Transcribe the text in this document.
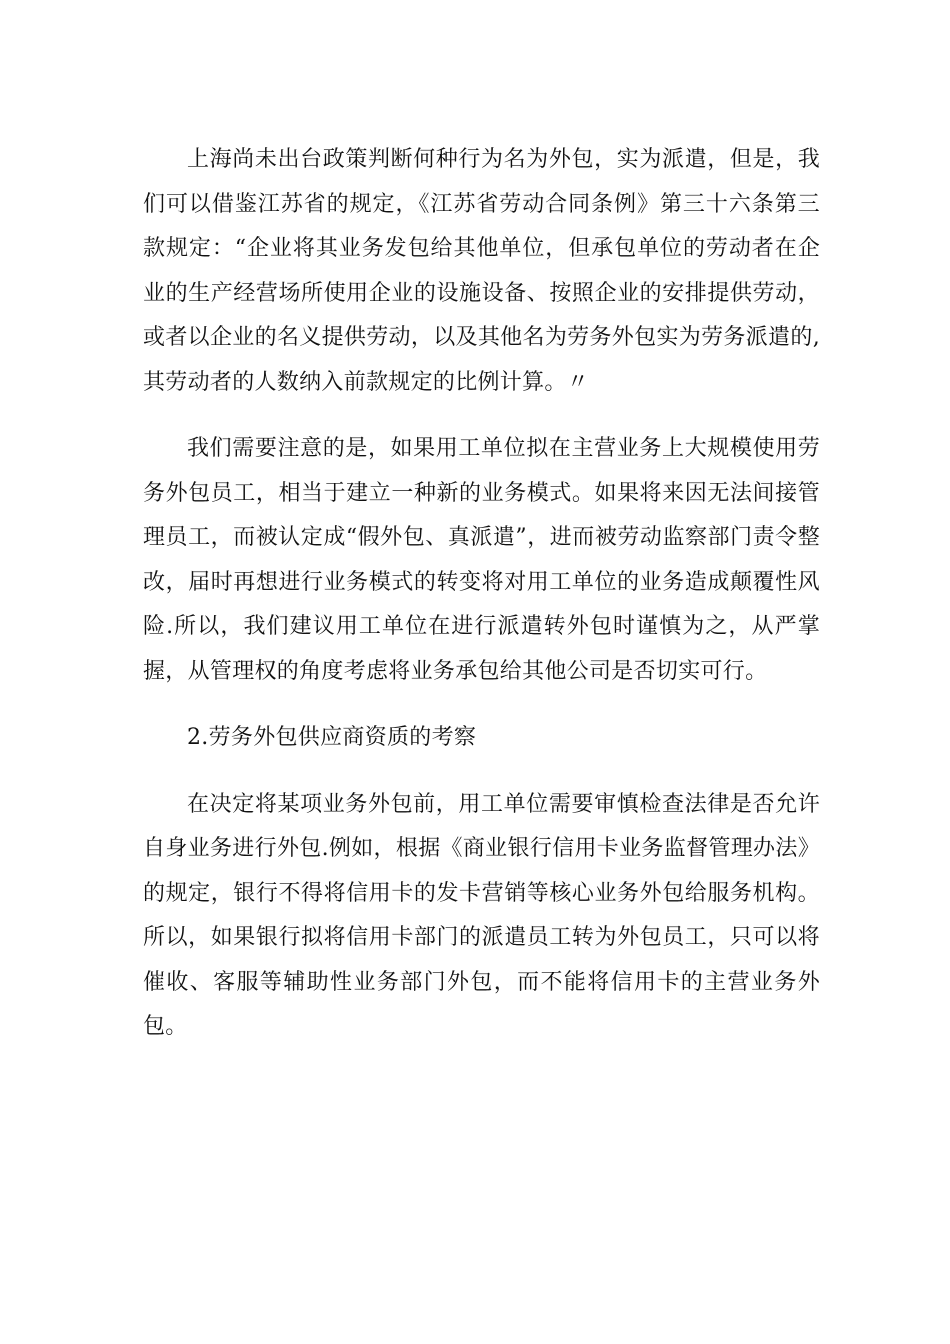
上海尚未出台政策判断何种行为名为外包，实为派遣，但是，我们可以借鉴江苏省的规定，《江苏省劳动合同条例》第三十六条第三款规定：“企业将其业务发包给其他单位，但承包单位的劳动者在企业的生产经营场所使用企业的设施设备、按照企业的安排提供劳动，或者以企业的名义提供劳动，以及其他名为劳务外包实为劳务派遣的, 其劳动者的人数纳入前款规定的比例计算。〃

我们需要注意的是，如果用工单位拟在主营业务上大规模使用劳务外包员工，相当于建立一种新的业务模式。如果将来因无法间接管理员工，而被认定成“假外包、真派遣”，进而被劳动监察部门责令整改，届时再想进行业务模式的转变将对用工单位的业务造成颠覆性风险.所以，我们建议用工单位在进行派遣转外包时谨慎为之，从严掌 握，从管理权的角度考虑将业务承包给其他公司是否切实可行。

2.劳务外包供应商资质的考察

在决定将某项业务外包前，用工单位需要审慎检查法律是否允许自身业务进行外包.例如，根据《商业银行信用卡业务监督管理办法》 的规定，银行不得将信用卡的发卡营销等核心业务外包给服务机构。 所以，如果银行拟将信用卡部门的派遣员工转为外包员工，只可以将 催收、客服等辅助性业务部门外包，而不能将信用卡的主营业务外包。
